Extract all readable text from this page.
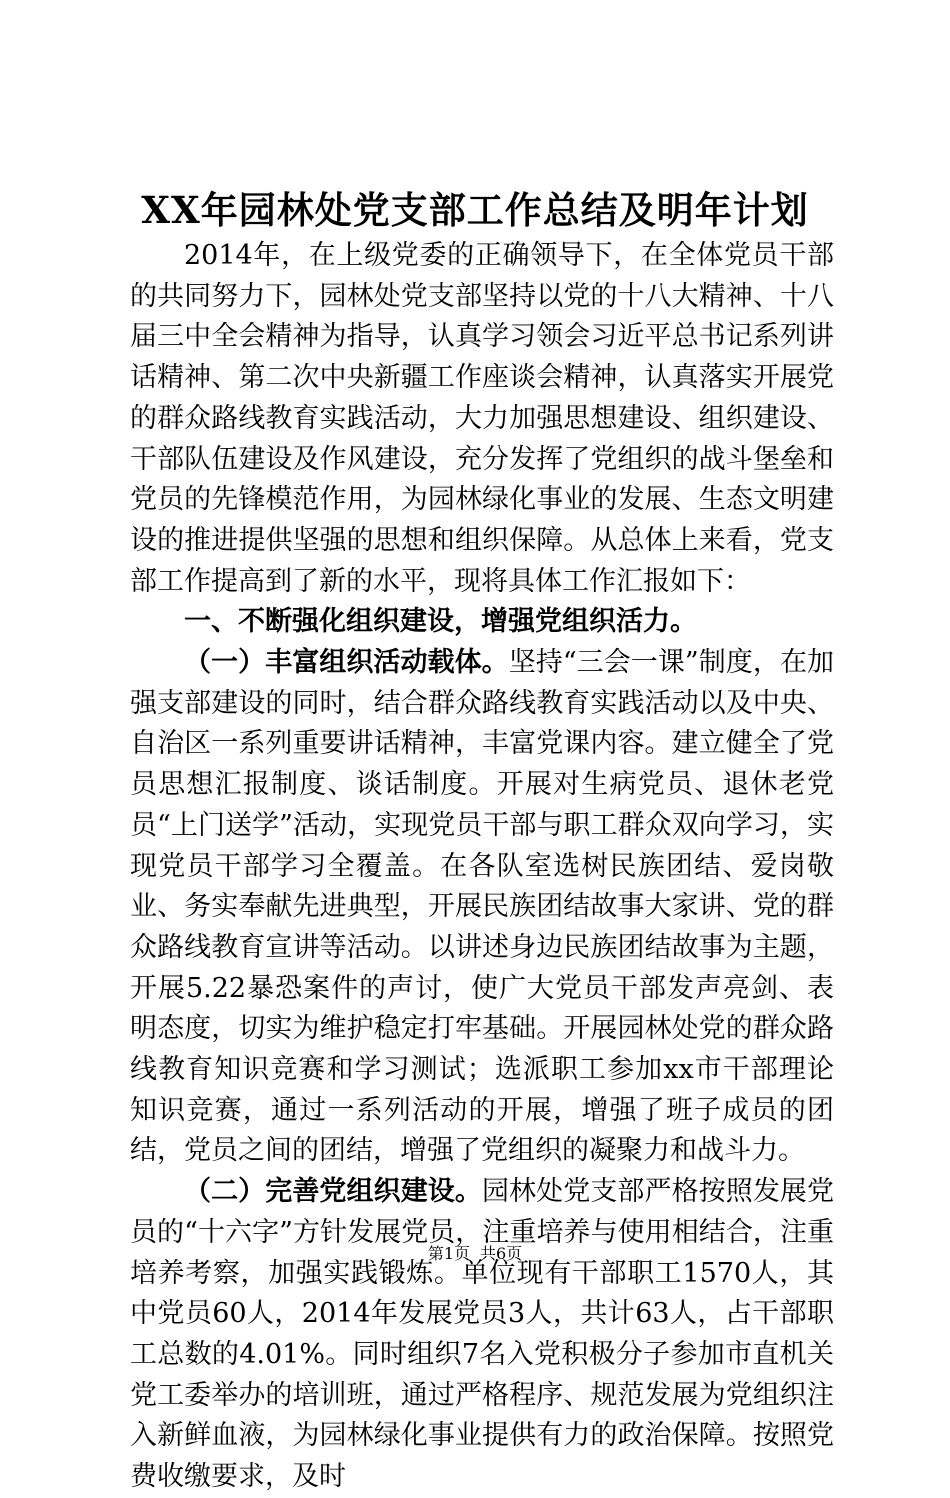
XX年园林处党支部工作总结及明年计划

2014年，在上级党委的正确领导下，在全体党员干部的共同努力下，园林处党支部坚持以党的十八大精神、十八届三中全会精神为指导，认真学习领会习近平总书记系列讲话精神、第二次中央新疆工作座谈会精神，认真落实开展党的群众路线教育实践活动，大力加强思想建设、组织建设、干部队伍建设及作风建设，充分发挥了党组织的战斗堡垒和党员的先锋模范作用，为园林绿化事业的发展、生态文明建设的推进提供坚强的思想和组织保障。从总体上来看，党支部工作提高到了新的水平，现将具体工作汇报如下：

一、不断强化组织建设，增强党组织活力。

（一）丰富组织活动载体。坚持“三会一课”制度，在加强支部建设的同时，结合群众路线教育实践活动以及中央、自治区一系列重要讲话精神，丰富党课内容。建立健全了党员思想汇报制度、谈话制度。开展对生病党员、退休老党员“上门送学”活动，实现党员干部与职工群众双向学习，实现党员干部学习全覆盖。在各队室选树民族团结、爱岗敬业、务实奉献先进典型，开展民族团结故事大家讲、党的群众路线教育宣讲等活动。以讲述身边民族团结故事为主题，开展5.22暴恐案件的声讨，使广大党员干部发声亮剑、表明态度，切实为维护稳定打牢基础。开展园林处党的群众路线教育知识竞赛和学习测试；选派职工参加xx市干部理论知识竞赛，通过一系列活动的开展，增强了班子成员的团结，党员之间的团结，增强了党组织的凝聚力和战斗力。

（二）完善党组织建设。园林处党支部严格按照发展党员的“十六字”方针发展党员，注重培养与使用相结合，注重培养考察，加强实践锻炼。单位现有干部职工1570人，其中党员60人，2014年发展党员3人，共计63人，占干部职工总数的4.01%。同时组织7名入党积极分子参加市直机关党工委举办的培训班，通过严格程序、规范发展为党组织注入新鲜血液，为园林绿化事业提供有力的政治保障。按照党费收缴要求，及时

第1页 共6页
